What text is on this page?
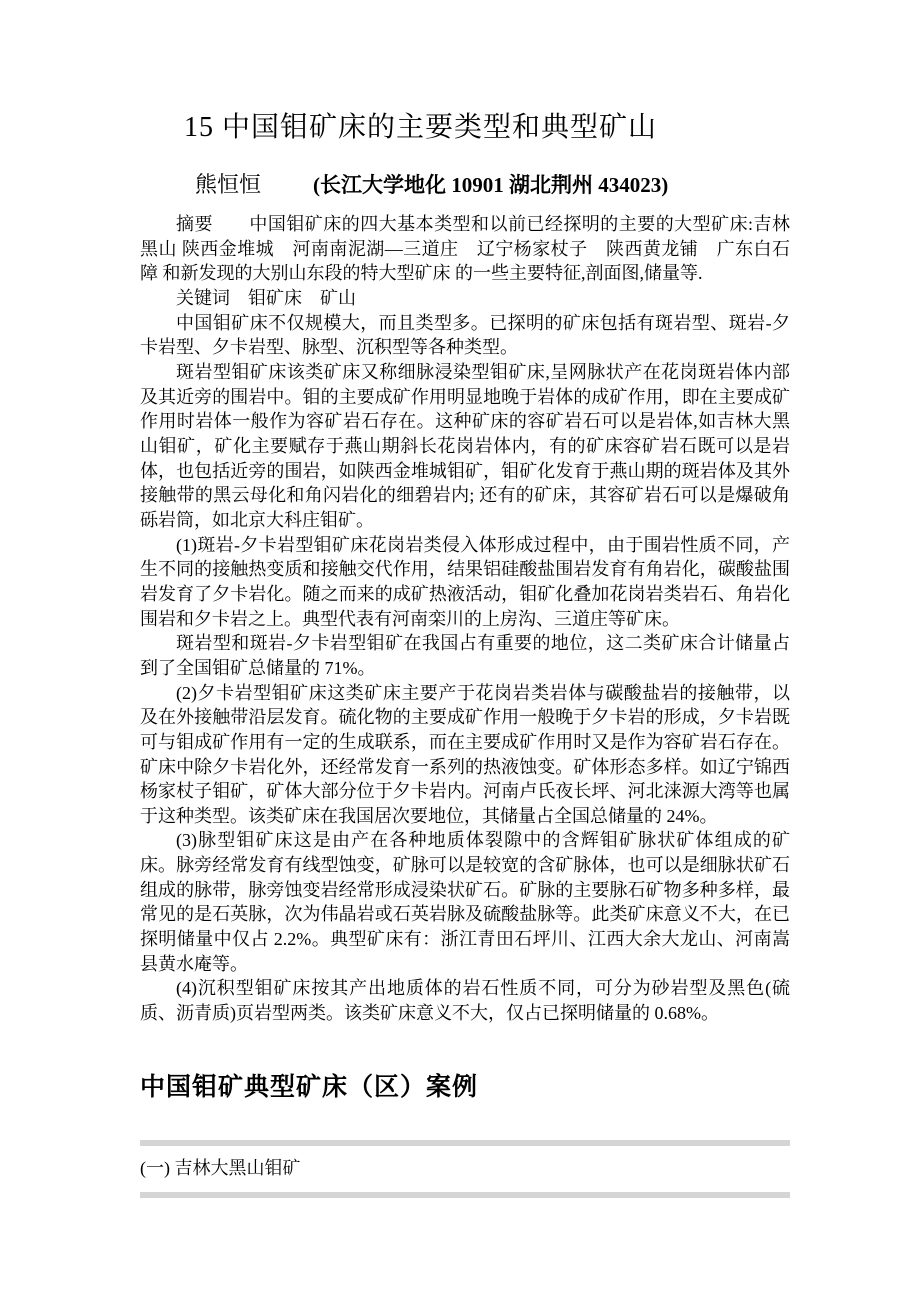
15 中国钼矿床的主要类型和典型矿山

熊恒恒 (长江大学地化 10901 湖北荆州 434023)

摘要 中国钼矿床的四大基本类型和以前已经探明的主要的大型矿床:吉林黑山 陕西金堆城　河南南泥湖—三道庄　辽宁杨家杖子　陕西黄龙铺　广东白石障 和新发现的大别山东段的特大型矿床 的一些主要特征,剖面图,储量等.

关键词 钼矿床　矿山

中国钼矿床不仅规模大，而且类型多。已探明的矿床包括有斑岩型、斑岩-夕卡岩型、夕卡岩型、脉型、沉积型等各种类型。

斑岩型钼矿床该类矿床又称细脉浸染型钼矿床,呈网脉状产在花岗斑岩体内部及其近旁的围岩中。钼的主要成矿作用明显地晚于岩体的成矿作用，即在主要成矿作用时岩体一般作为容矿岩石存在。这种矿床的容矿岩石可以是岩体,如吉林大黑山钼矿，矿化主要赋存于燕山期斜长花岗岩体内，有的矿床容矿岩石既可以是岩体，也包括近旁的围岩，如陕西金堆城钼矿，钼矿化发育于燕山期的斑岩体及其外接触带的黑云母化和角闪岩化的细碧岩内; 还有的矿床，其容矿岩石可以是爆破角砾岩筒，如北京大科庄钼矿。

(1)斑岩-夕卡岩型钼矿床花岗岩类侵入体形成过程中，由于围岩性质不同，产生不同的接触热变质和接触交代作用，结果铝硅酸盐围岩发育有角岩化，碳酸盐围岩发育了夕卡岩化。随之而来的成矿热液活动，钼矿化叠加花岗岩类岩石、角岩化围岩和夕卡岩之上。典型代表有河南栾川的上房沟、三道庄等矿床。

斑岩型和斑岩-夕卡岩型钼矿在我国占有重要的地位，这二类矿床合计储量占到了全国钼矿总储量的 71%。

(2)夕卡岩型钼矿床这类矿床主要产于花岗岩类岩体与碳酸盐岩的接触带，以及在外接触带沿层发育。硫化物的主要成矿作用一般晚于夕卡岩的形成，夕卡岩既可与钼成矿作用有一定的生成联系，而在主要成矿作用时又是作为容矿岩石存在。矿床中除夕卡岩化外，还经常发育一系列的热液蚀变。矿体形态多样。如辽宁锦西杨家杖子钼矿，矿体大部分位于夕卡岩内。河南卢氏夜长坪、河北涞源大湾等也属于这种类型。该类矿床在我国居次要地位，其储量占全国总储量的 24%。

(3)脉型钼矿床这是由产在各种地质体裂隙中的含辉钼矿脉状矿体组成的矿床。脉旁经常发育有线型蚀变，矿脉可以是较宽的含矿脉体，也可以是细脉状矿石组成的脉带，脉旁蚀变岩经常形成浸染状矿石。矿脉的主要脉石矿物多种多样，最常见的是石英脉，次为伟晶岩或石英岩脉及硫酸盐脉等。此类矿床意义不大，在已探明储量中仅占 2.2%。典型矿床有：浙江青田石坪川、江西大余大龙山、河南嵩县黄水庵等。

(4)沉积型钼矿床按其产出地质体的岩石性质不同，可分为砂岩型及黑色(硫质、沥青质)页岩型两类。该类矿床意义不大，仅占已探明储量的 0.68%。

中国钼矿典型矿床（区）案例

(一) 吉林大黑山钼矿
